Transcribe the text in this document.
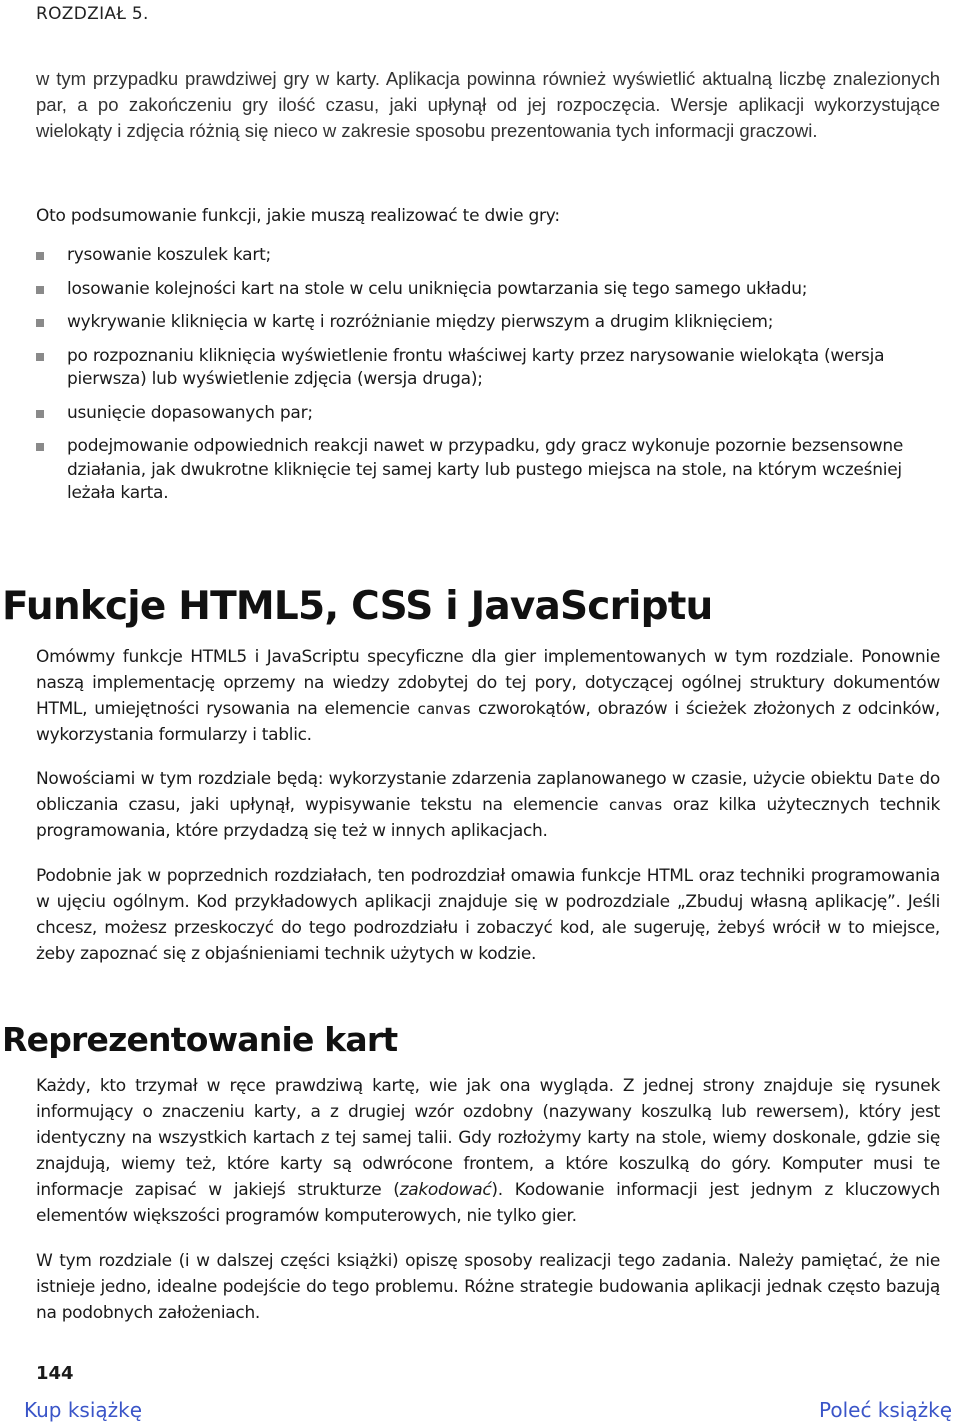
ROZDZIAŁ 5.
w tym przypadku prawdziwej gry w karty. Aplikacja powinna również wyświetlić aktualną liczbę znalezionych par, a po zakończeniu gry ilość czasu, jaki upłynął od jej rozpoczęcia. Wersje aplikacji wykorzystujące wielokąty i zdjęcia różnią się nieco w zakresie sposobu prezentowania tych informacji graczowi.
Oto podsumowanie funkcji, jakie muszą realizować te dwie gry:
rysowanie koszulek kart;
losowanie kolejności kart na stole w celu uniknięcia powtarzania się tego samego układu;
wykrywanie kliknięcia w kartę i rozróżnianie między pierwszym a drugim kliknięciem;
po rozpoznaniu kliknięcia wyświetlenie frontu właściwej karty przez narysowanie wielokąta (wersja pierwsza) lub wyświetlenie zdjęcia (wersja druga);
usunięcie dopasowanych par;
podejmowanie odpowiednich reakcji nawet w przypadku, gdy gracz wykonuje pozornie bezsensowne działania, jak dwukrotne kliknięcie tej samej karty lub pustego miejsca na stole, na którym wcześniej leżała karta.
Funkcje HTML5, CSS i JavaScriptu

Omówmy funkcje HTML5 i JavaScriptu specyficzne dla gier implementowanych w tym rozdziale. Ponownie naszą implementację oprzemy na wiedzy zdobytej do tej pory, dotyczącej ogólnej struktury dokumentów HTML, umiejętności rysowania na elemencie canvas czworokątów, obrazów i ścieżek złożonych z odcinków, wykorzystania formularzy i tablic.

Nowościami w tym rozdziale będą: wykorzystanie zdarzenia zaplanowanego w czasie, użycie obiektu Date do obliczania czasu, jaki upłynął, wypisywanie tekstu na elemencie canvas oraz kilka użytecznych technik programowania, które przydadzą się też w innych aplikacjach.

Podobnie jak w poprzednich rozdziałach, ten podrozdział omawia funkcje HTML oraz techniki programowania w ujęciu ogólnym. Kod przykładowych aplikacji znajduje się w podrozdziale „Zbuduj własną aplikację”. Jeśli chcesz, możesz przeskoczyć do tego podrozdziału i zobaczyć kod, ale sugeruję, żebyś wrócił w to miejsce, żeby zapoznać się z objaśnieniami technik użytych w kodzie.

Reprezentowanie kart

Każdy, kto trzymał w ręce prawdziwą kartę, wie jak ona wygląda. Z jednej strony znajduje się rysunek informujący o znaczeniu karty, a z drugiej wzór ozdobny (nazywany koszulką lub rewersem), który jest identyczny na wszystkich kartach z tej samej talii. Gdy rozłożymy karty na stole, wiemy doskonale, gdzie się znajdują, wiemy też, które karty są odwrócone frontem, a które koszulką do góry. Komputer musi te informacje zapisać w jakiejś strukturze (zakodować). Kodowanie informacji jest jednym z kluczowych elementów większości programów komputerowych, nie tylko gier.

W tym rozdziale (i w dalszej części książki) opiszę sposoby realizacji tego zadania. Należy pamiętać, że nie istnieje jedno, idealne podejście do tego problemu. Różne strategie budowania aplikacji jednak często bazują na podobnych założeniach.

144
Kup książkę	Poleć książkę
